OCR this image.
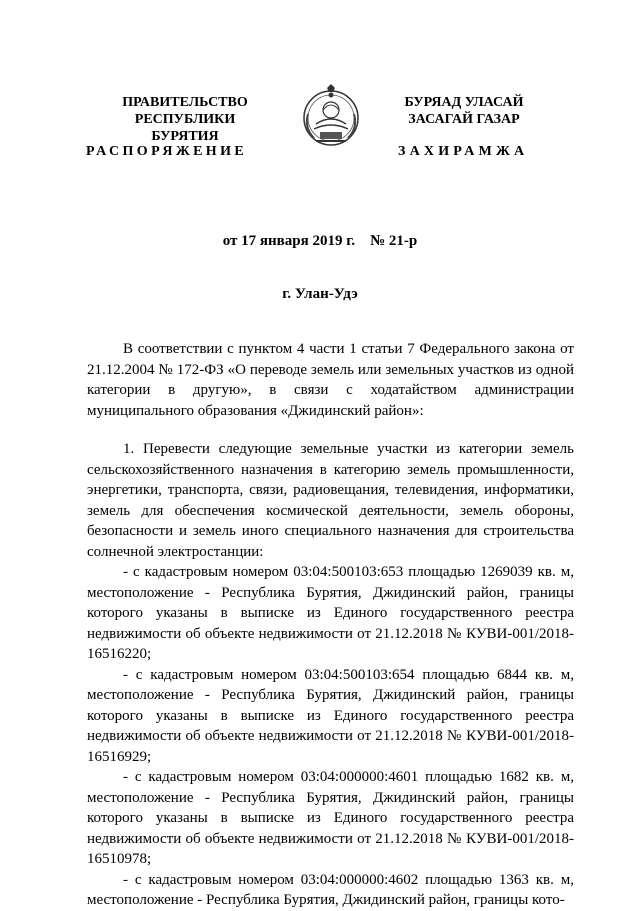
ПРАВИТЕЛЬСТВО
РЕСПУБЛИКИ БУРЯТИЯ
РАСПОРЯЖЕНИЕ
БУРЯАД УЛАСАЙ
ЗАСАГАЙ ГАЗАР
ЗАХИРАМЖА
от 17 января 2019 г. № 21-р
г. Улан-Удэ

В соответствии с пунктом 4 части 1 статьи 7 Федерального закона от 21.12.2004 № 172-ФЗ «О переводе земель или земельных участков из одной категории в другую», в связи с ходатайством администрации муниципального образования «Джидинский район»:

1. Перевести следующие земельные участки из категории земель сельскохозяйственного назначения в категорию земель промышленности, энергетики, транспорта, связи, радиовещания, телевидения, информатики, земель для обеспечения космической деятельности, земель обороны, безопасности и земель иного специального назначения для строительства солнечной электростанции:

- с кадастровым номером 03:04:500103:653 площадью 1269039 кв. м, местоположение - Республика Бурятия, Джидинский район, границы которого указаны в выписке из Единого государственного реестра недвижимости об объекте недвижимости от 21.12.2018 № КУВИ-001/2018-16516220;

- с кадастровым номером 03:04:500103:654 площадью 6844 кв. м, местоположение - Республика Бурятия, Джидинский район, границы которого указаны в выписке из Единого государственного реестра недвижимости об объекте недвижимости от 21.12.2018 № КУВИ-001/2018-16516929;

- с кадастровым номером 03:04:000000:4601 площадью 1682 кв. м, местоположение - Республика Бурятия, Джидинский район, границы которого указаны в выписке из Единого государственного реестра недвижимости об объекте недвижимости от 21.12.2018 № КУВИ-001/2018-16510978;

- с кадастровым номером 03:04:000000:4602 площадью 1363 кв. м, местоположение - Республика Бурятия, Джидинский район, границы кото-
